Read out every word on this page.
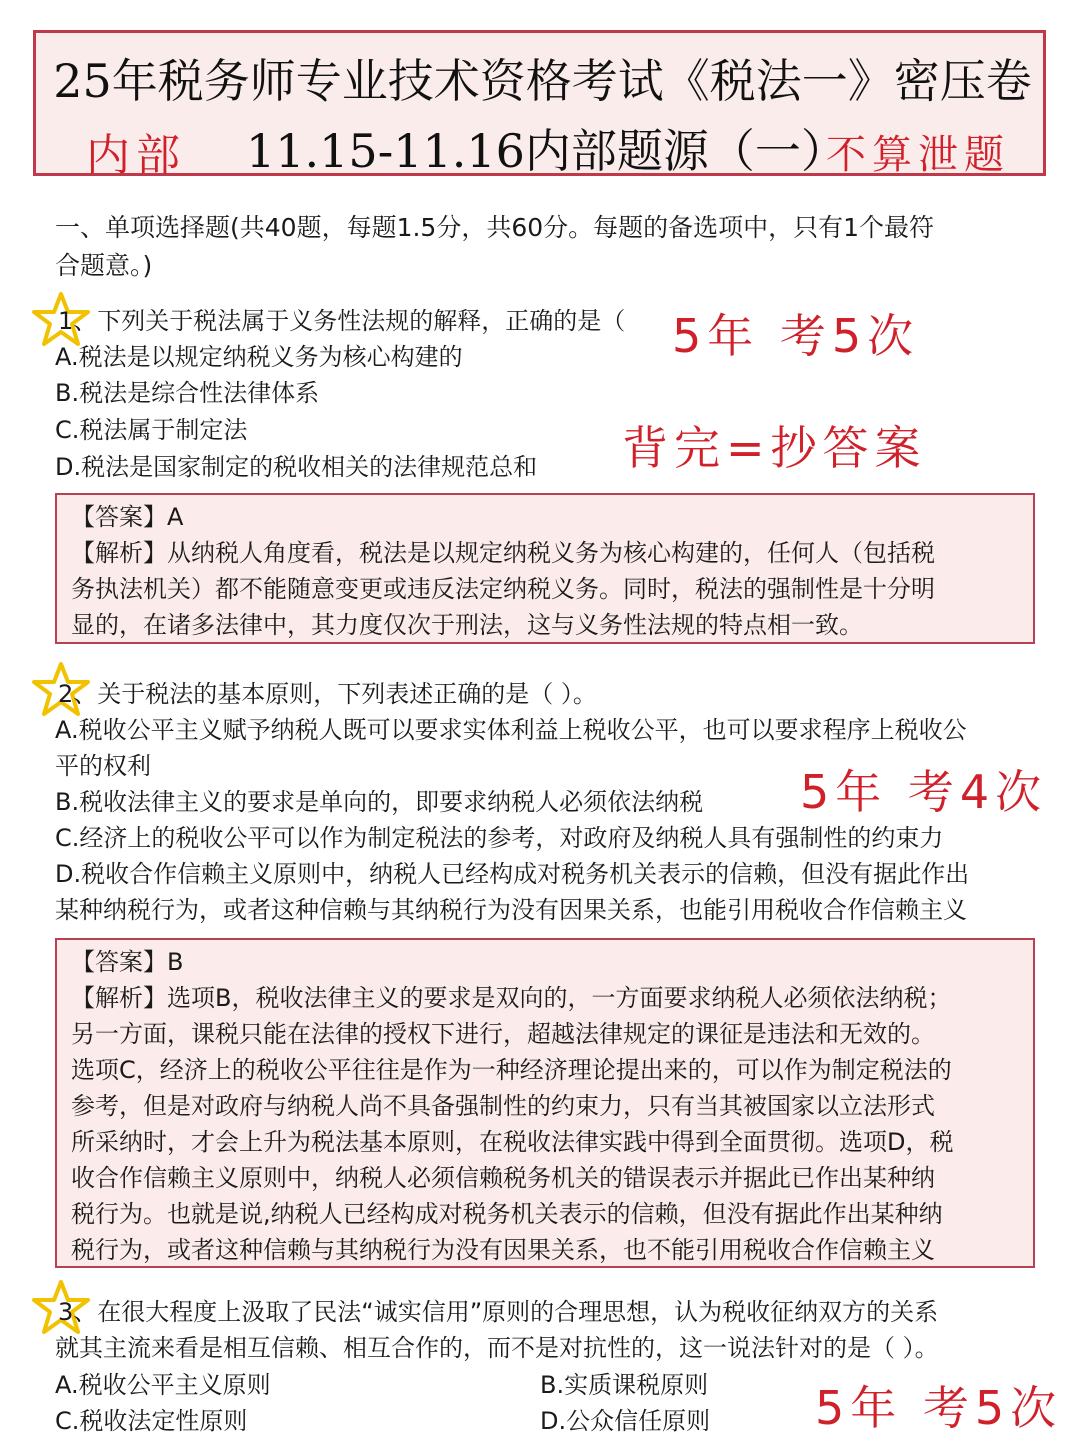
25年税务师专业技术资格考试《税法一》密压卷
内部 11.15-11.16内部题源（一）
不算泄题
一、单项选择题(共40题，每题1.5分，共60分。每题的备选项中，只有1个最符
合题意。)
1、下列关于税法属于义务性法规的解释，正确的是（
A.税法是以规定纳税义务为核心构建的
B.税法是综合性法律体系
C.税法属于制定法
D.税法是国家制定的税收相关的法律规范总和
5年 考5次
背完=抄答案
【答案】A
【解析】从纳税人角度看，税法是以规定纳税义务为核心构建的，任何人（包括税
务执法机关）都不能随意变更或违反法定纳税义务。同时，税法的强制性是十分明
显的，在诸多法律中，其力度仅次于刑法，这与义务性法规的特点相一致。
2、关于税法的基本原则，下列表述正确的是（ ）。
A.税收公平主义赋予纳税人既可以要求实体利益上税收公平，也可以要求程序上税收公
平的权利
B.税收法律主义的要求是单向的，即要求纳税人必须依法纳税
C.经济上的税收公平可以作为制定税法的参考，对政府及纳税人具有强制性的约束力
D.税收合作信赖主义原则中，纳税人已经构成对税务机关表示的信赖，但没有据此作出
某种纳税行为，或者这种信赖与其纳税行为没有因果关系，也能引用税收合作信赖主义
5年 考4次
【答案】B
【解析】选项B，税收法律主义的要求是双向的，一方面要求纳税人必须依法纳税；
另一方面，课税只能在法律的授权下进行，超越法律规定的课征是违法和无效的。
选项C，经济上的税收公平往往是作为一种经济理论提出来的，可以作为制定税法的
参考，但是对政府与纳税人尚不具备强制性的约束力，只有当其被国家以立法形式
所采纳时，才会上升为税法基本原则，在税收法律实践中得到全面贯彻。选项D，税
收合作信赖主义原则中，纳税人必须信赖税务机关的错误表示并据此已作出某种纳
税行为。也就是说,纳税人已经构成对税务机关表示的信赖，但没有据此作出某种纳
税行为，或者这种信赖与其纳税行为没有因果关系，也不能引用税收合作信赖主义
3、在很大程度上汲取了民法“诚实信用”原则的合理思想，认为税收征纳双方的关系
就其主流来看是相互信赖、相互合作的，而不是对抗性的，这一说法针对的是（ ）。
A.税收公平主义原则	B.实质课税原则
C.税收法定性原则	D.公众信任原则 5年 考5次
